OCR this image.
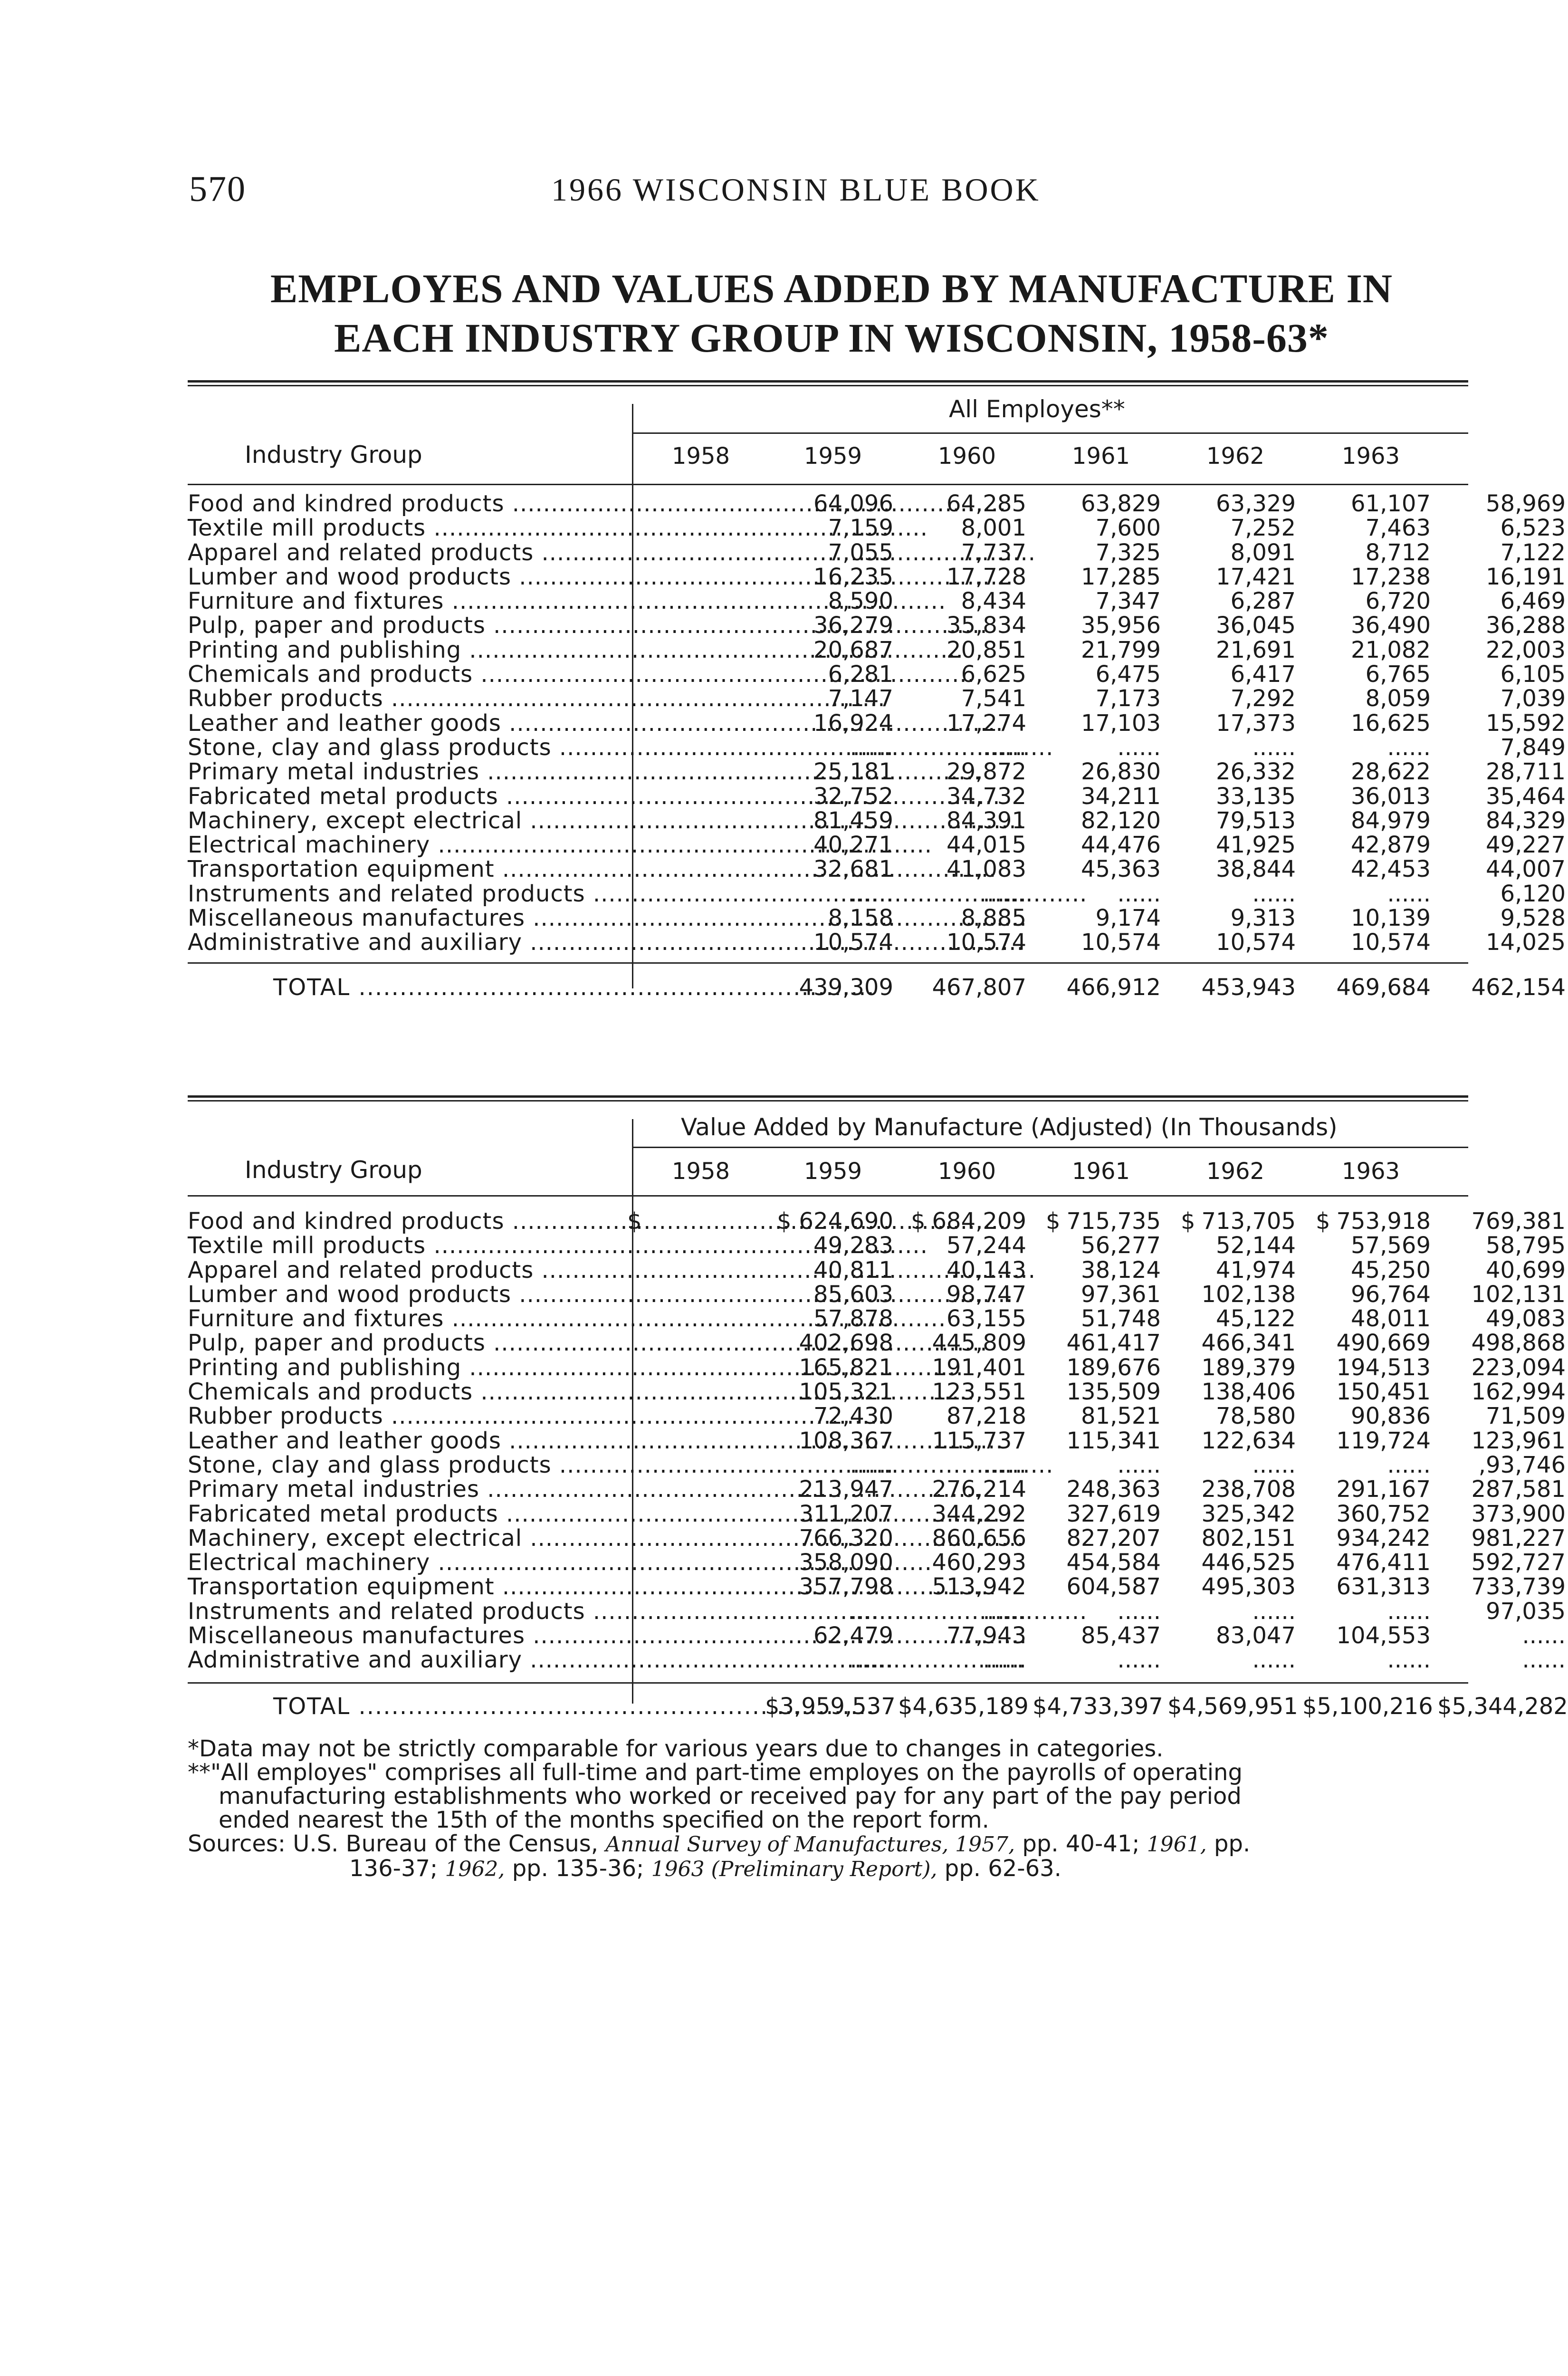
570	1966 WISCONSIN BLUE BOOK
EMPLOYES AND VALUES ADDED BY MANUFACTURE IN
EACH INDUSTRY GROUP IN WISCONSIN, 1958-63*
All Employes**
Industry Group	1958	1959	1960	1961	1962	1963
Food and kindred products .....	64,096	64,285	63,829	63,329	61,107	58,969
Textile mill products .....	7,159	8,001	7,600	7,252	7,463	6,523
Apparel and related products .....	7,055	7,737	7,325	8,091	8,712	7,122
Lumber and wood products .....	16,235	17,728	17,285	17,421	17,238	16,191
Furniture and fixtures .....	8,590	8,434	7,347	6,287	6,720	6,469
Pulp, paper and products .....	36,279	35,834	35,956	36,045	36,490	36,288
Printing and publishing .....	20,687	20,851	21,799	21,691	21,082	22,003
Chemicals and products .....	6,281	6,625	6,475	6,417	6,765	6,105
Rubber products .....	7,147	7,541	7,173	7,292	8,059	7,039
Leather and leather goods .....	16,924	17,274	17,103	17,373	16,625	15,592
Stone, clay and glass products .....	......	......	......	......	......	7,849
Primary metal industries .....	25,181	29,872	26,830	26,332	28,622	28,711
Fabricated metal products .....	32,752	34,732	34,211	33,135	36,013	35,464
Machinery, except electrical .....	81,459	84,391	82,120	79,513	84,979	84,329
Electrical machinery .....	40,271	44,015	44,476	41,925	42,879	49,227
Transportation equipment .....	32,681	41,083	45,363	38,844	42,453	44,007
Instruments and related products .....	......	......	......	......	......	6,120
Miscellaneous manufactures .....	8,158	8,885	9,174	9,313	10,139	9,528
Administrative and auxiliary .....	10,574	10,574	10,574	10,574	10,574	14,025
TOTAL .....	439,309	467,807	466,912	453,943	469,684	462,154
Value Added by Manufacture (Adjusted) (In Thousands)
Industry Group	1958	1959	1960	1961	1962	1963
Food and kindred products .....	624,690	684,209	715,735	713,705	753,918	769,381
$	$	$	$	$	$
Textile mill products .....	49,283	57,244	56,277	52,144	57,569	58,795
Apparel and related products .....	40,811	40,143	38,124	41,974	45,250	40,699
Lumber and wood products .....	85,603	98,747	97,361	102,138	96,764	102,131
Furniture and fixtures .....	57,878	63,155	51,748	45,122	48,011	49,083
Pulp, paper and products .....	402,698	445,809	461,417	466,341	490,669	498,868
Printing and publishing .....	165,821	191,401	189,676	189,379	194,513	223,094
Chemicals and products .....	105,321	123,551	135,509	138,406	150,451	162,994
Rubber products .....	72,430	87,218	81,521	78,580	90,836	71,509
Leather and leather goods .....	108,367	115,737	115,341	122,634	119,724	123,961
Stone, clay and glass products .....	......	......	......	......	......	,93,746
Primary metal industries .....	213,947	276,214	248,363	238,708	291,167	287,581
Fabricated metal products .....	311,207	344,292	327,619	325,342	360,752	373,900
Machinery, except electrical .....	766,320	860,656	827,207	802,151	934,242	981,227
Electrical machinery .....	358,090	460,293	454,584	446,525	476,411	592,727
Transportation equipment .....	357,798	513,942	604,587	495,303	631,313	733,739
Instruments and related products .....	......	......	......	......	......	97,035
Miscellaneous manufactures .....	62,479	77,943	85,437	83,047	104,553	......
Administrative and auxiliary .....	......	......	......	......	......	......
TOTAL .....	$3,959,537 $4,635,189 $4,733,397 $4,569,951 $5,100,216 $5,344,282

*Data may not be strictly comparable for various years due to changes in categories.

**"All employes" comprises all full-time and part-time employes on the payrolls of operating

manufacturing establishments who worked or received pay for any part of the pay period

ended nearest the 15th of the months specified on the report form.

Sources: U.S. Bureau of the Census, Annual Survey of Manufactures, 1957, pp. 40-41; 1961, pp.

136-37; 1962, pp. 135-36; 1963 (Preliminary Report), pp. 62-63.
